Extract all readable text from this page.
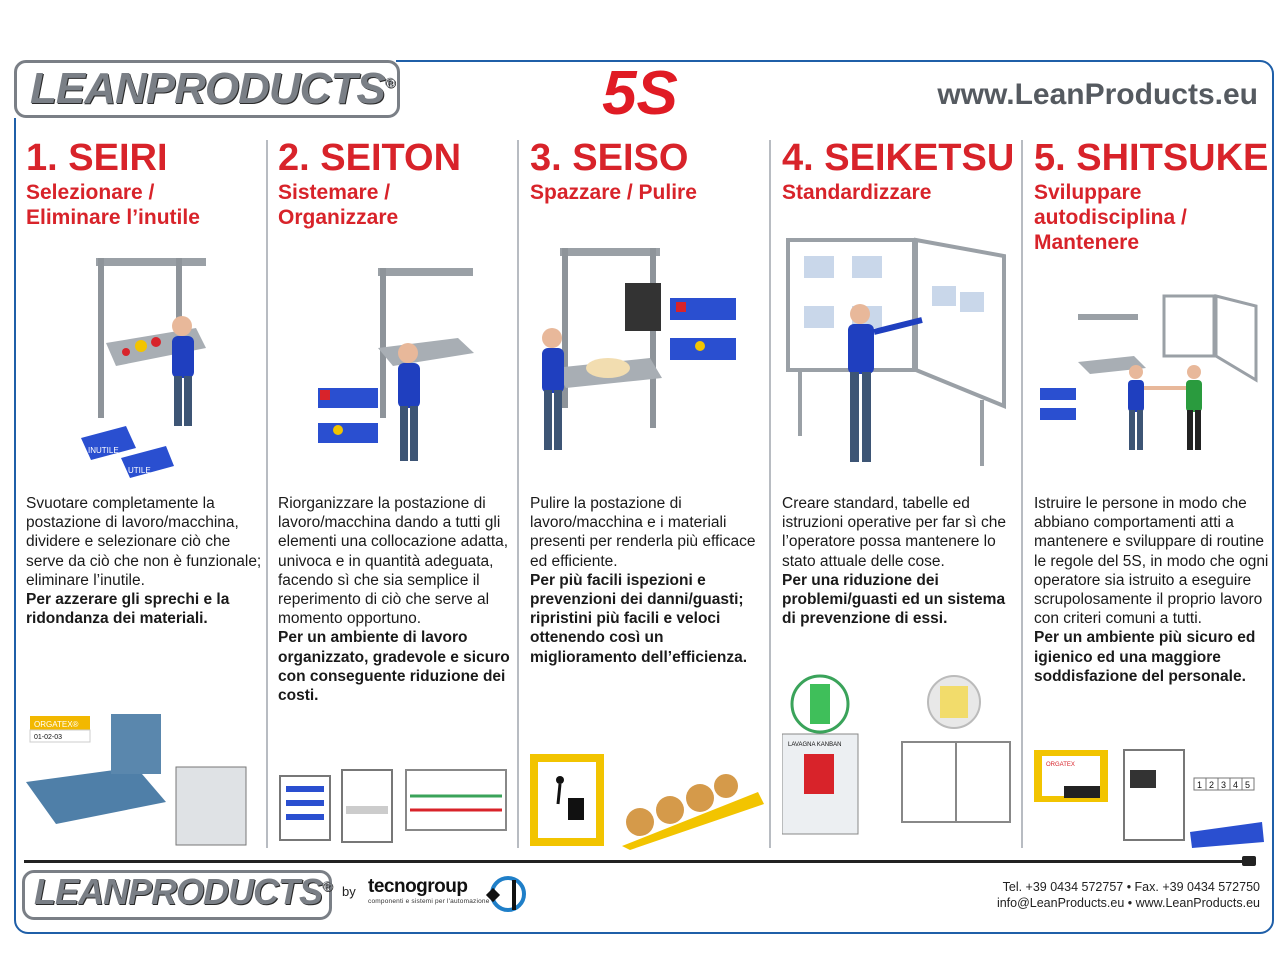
LEANPRODUCTS®	5S	www.LeanProducts.eu
1. SEIRI
Selezionare /
Eliminare l’inutile
INUTILE
UTILE
Svuotare completamente la postazione di lavoro/macchina, dividere e selezionare ciò che serve da ciò che non è funzionale; eliminare l’inutile.
Per azzerare gli sprechi e la ridondanza dei materiali.
ORGATEX®
01-02-03
2. SEITON
Sistemare /
Organizzare
Riorganizzare la postazione di lavoro/macchina dando a tutti gli elementi una collocazione adatta, univoca e in quantità adeguata, facendo sì che sia semplice il reperimento di ciò che serve al momento opportuno.
Per un ambiente di lavoro organizzato, gradevole e sicuro con conseguente riduzione dei costi.
3. SEISO
Spazzare / Pulire
Pulire la postazione di lavoro/macchina e i materiali presenti per renderla più efficace ed efficiente.
Per più facili ispezioni e prevenzioni dei danni/guasti; ripristini più facili e veloci ottenendo così un miglioramento dell’efficienza.
4. SEIKETSU
Standardizzare
Creare standard, tabelle ed istruzioni operative per far sì che l’operatore possa mantenere lo stato attuale delle cose.
Per una riduzione dei problemi/guasti ed un sistema di prevenzione di essi.
LAVAGNA KANBAN
5. SHITSUKE
Sviluppare
autodisciplina /
Mantenere
Istruire le persone in modo che abbiano comportamenti atti a mantenere e sviluppare di routine le regole del 5S, in modo che ogni operatore sia istruito a eseguire scrupolosamente il proprio lavoro con criteri comuni a tutti.
Per un ambiente più sicuro ed igienico ed una maggiore soddisfazione del personale.
ORGATEX
1 2 3 4 5
LEANPRODUCTS® by tecnogroup
componenti e sistemi per l'automazione
Tel. +39 0434 572757 • Fax. +39 0434 572750
info@LeanProducts.eu • www.LeanProducts.eu
